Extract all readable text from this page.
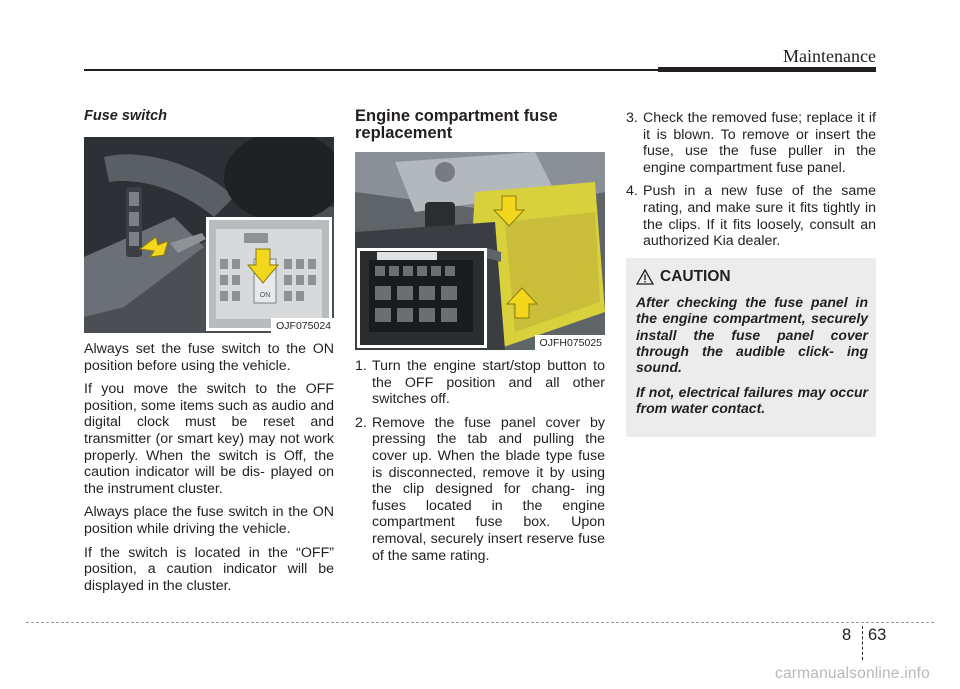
Maintenance
Fuse switch
ON
OJF075024

Always set the fuse switch to the ON position before using the vehicle.

If you move the switch to the OFF position, some items such as audio and digital clock must be reset and transmitter (or smart key) may not work properly. When the switch is Off, the caution indicator will be dis- played on the instrument cluster.

Always place the fuse switch in the ON position while driving the vehicle.

If the switch is located in the “OFF” position, a caution indicator will be displayed in the cluster.

Engine compartment fuse replacement
OJFH075025
1. Turn the engine start/stop button to the OFF position and all other switches off.
2. Remove the fuse panel cover by pressing the tab and pulling the cover up. When the blade type fuse is disconnected, remove it by using the clip designed for chang- ing fuses located in the engine compartment fuse box. Upon removal, securely insert reserve fuse of the same rating.
3. Check the removed fuse; replace it if it is blown. To remove or insert the fuse, use the fuse puller in the engine compartment fuse panel.
4. Push in a new fuse of the same rating, and make sure it fits tightly in the clips. If it fits loosely, consult an authorized Kia dealer.
CAUTION

After checking the fuse panel in the engine compartment, securely install the fuse panel cover through the audible click- ing sound.

If not, electrical failures may occur from water contact.

8 63
carmanualsonline.info
